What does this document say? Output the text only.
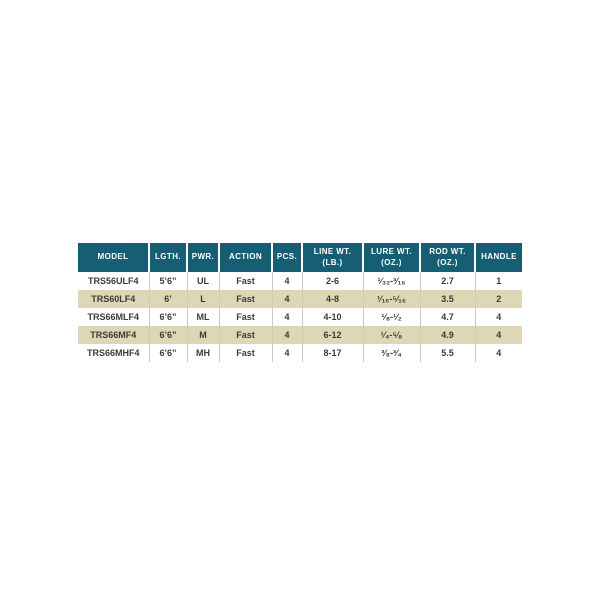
MODEL	LGTH.	PWR.	ACTION	PCS.	LINE WT. (LB.)	LURE WT. (OZ.)	ROD WT. (OZ.)	HANDLE
TRS56ULF4	5’6”	UL	Fast	4	2-6	¹⁄₃₂-³⁄₁₆	2.7	1
TRS60LF4	6’	L	Fast	4	4-8	¹⁄₁₆-⁵⁄₁₆	3.5	2
TRS66MLF4	6’6”	ML	Fast	4	4-10	¹⁄₈-¹⁄₂	4.7	4
TRS66MF4	6’6”	M	Fast	4	6-12	¹⁄₄-⁵⁄₈	4.9	4
TRS66MHF4	6’6”	MH	Fast	4	8-17	³⁄₈-³⁄₄	5.5	4
